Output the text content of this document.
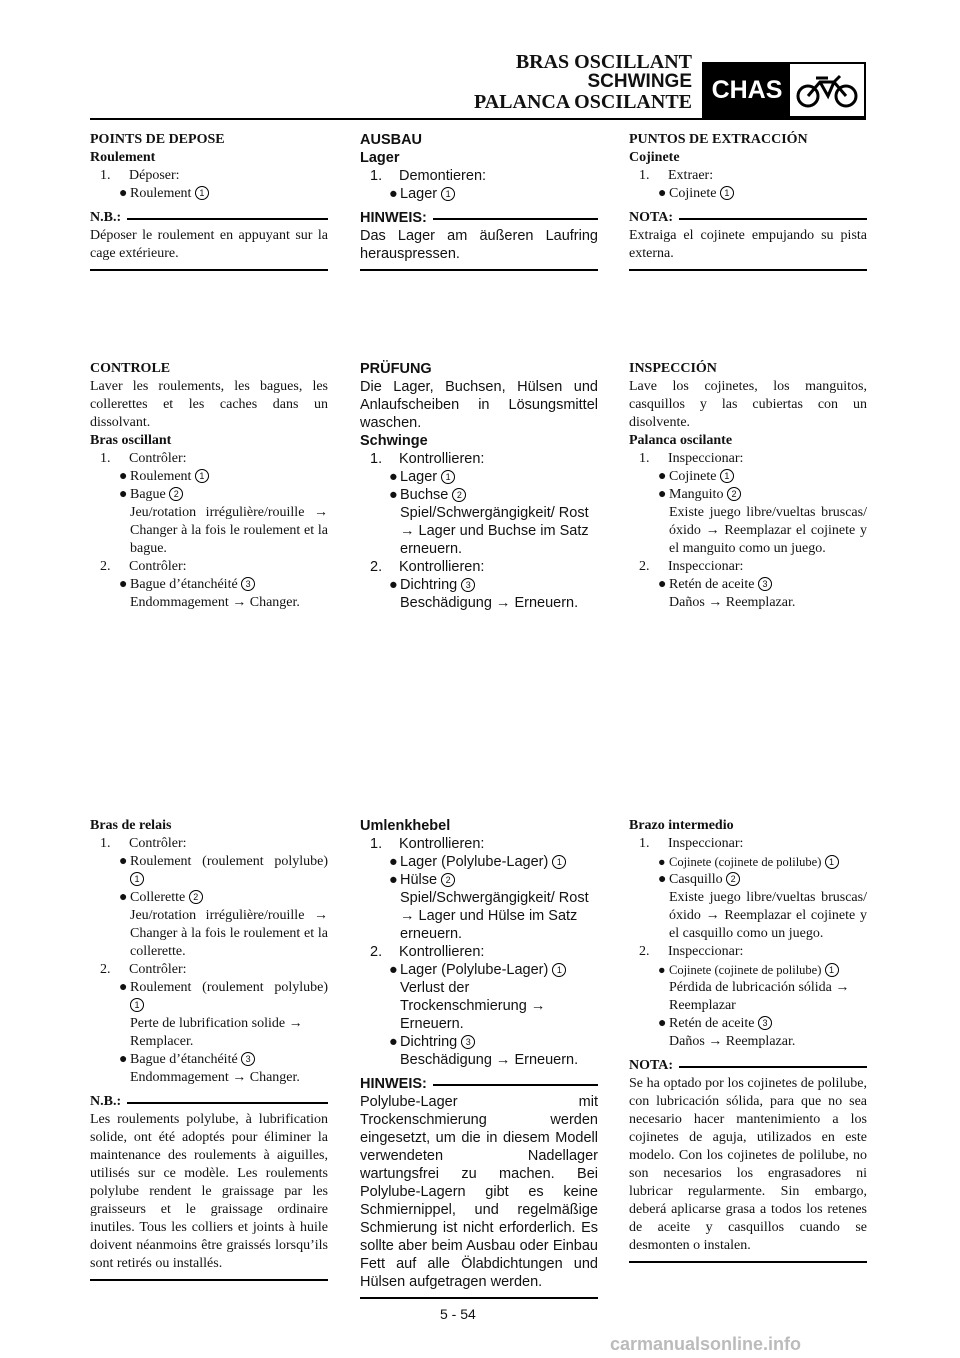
BRAS OSCILLANT
SCHWINGE
PALANCA OSCILANTE CHAS
POINTS DE DEPOSE
Roulement
1. Déposer:
● Roulement 1
N.B.:
Déposer le roulement en appuyant sur la cage extérieure.
AUSBAU
Lager
1. Demontieren:
● Lager 1
HINWEIS:
Das Lager am äußeren Laufring herauspressen.
PUNTOS DE EXTRACCIÓN
Cojinete
1. Extraer:
● Cojinete 1
NOTA:
Extraiga el cojinete empujando su pista externa.
CONTROLE
Laver les roulements, les bagues, les collerettes et les caches dans un dissolvant.
Bras oscillant
1. Contrôler:
● Roulement 1
● Bague 2
Jeu/rotation irrégulière/rouille → Changer à la fois le roulement et la bague.
2. Contrôler:
● Bague d’étanchéité 3
Endommagement → Changer.
PRÜFUNG
Die Lager, Buchsen, Hülsen und Anlaufscheiben in Lösungsmittel waschen.
Schwinge
1. Kontrollieren:
● Lager 1
● Buchse 2
Spiel/Schwergängigkeit/ Rost → Lager und Buchse im Satz erneuern.
2. Kontrollieren:
● Dichtring 3
Beschädigung → Erneuern.
INSPECCIÓN
Lave los cojinetes, los manguitos, casquillos y las cubiertas con un disolvente.
Palanca oscilante
1. Inspeccionar:
● Cojinete 1
● Manguito 2
Existe juego libre/vueltas bruscas/óxido → Reemplazar el cojinete y el manguito como un juego.
2. Inspeccionar:
● Retén de aceite 3
Daños → Reemplazar.
Bras de relais
1. Contrôler:
● Roulement (roulement polylube) 1
● Collerette 2
Jeu/rotation irrégulière/rouille → Changer à la fois le roulement et la collerette.
2. Contrôler:
● Roulement (roulement polylube) 1
Perte de lubrification solide → Remplacer.
● Bague d’étanchéité 3
Endommagement → Changer.
N.B.:
Les roulements polylube, à lubrification solide, ont été adoptés pour éliminer la maintenance des roulements à aiguilles, utilisés sur ce modèle. Les roulements polylube rendent le graissage par les graisseurs et le graissage ordinaire inutiles. Tous les colliers et joints à huile doivent néanmoins être graissés lorsqu’ils sont retirés ou installés.
Umlenkhebel
1. Kontrollieren:
● Lager (Polylube-Lager) 1
● Hülse 2
Spiel/Schwergängigkeit/ Rost → Lager und Hülse im Satz erneuern.
2. Kontrollieren:
● Lager (Polylube-Lager) 1
Verlust der Trockenschmierung → Erneuern.
● Dichtring 3
Beschädigung → Erneuern.
HINWEIS:
Polylube-Lager mit Trockenschmierung werden eingesetzt, um die in diesem Modell verwendeten Nadellager wartungsfrei zu machen. Bei Polylube-Lagern gibt es keine Schmiernippel, und regelmäßige Schmierung ist nicht erforderlich. Es sollte aber beim Ausbau oder Einbau Fett auf alle Ölabdichtungen und Hülsen aufgetragen werden.
Brazo intermedio
1. Inspeccionar:
● Cojinete (cojinete de polilube) 1
● Casquillo 2
Existe juego libre/vueltas bruscas/óxido → Reemplazar el cojinete y el casquillo como un juego.
2. Inspeccionar:
● Cojinete (cojinete de polilube) 1
Pérdida de lubricación sólida → Reemplazar
● Retén de aceite 3
Daños → Reemplazar.
NOTA:
Se ha optado por los cojinetes de polilube, con lubricación sólida, para que no sea necesario hacer mantenimiento a los cojinetes de aguja, utilizados en este modelo. Con los cojinetes de polilube, no son necesarios los engrasadores ni lubricar regularmente. Sin embargo, deberá aplicarse grasa a todos los retenes de aceite y casquillos cuando se desmonten o instalen.
5 - 54
carmanualsonline.info
